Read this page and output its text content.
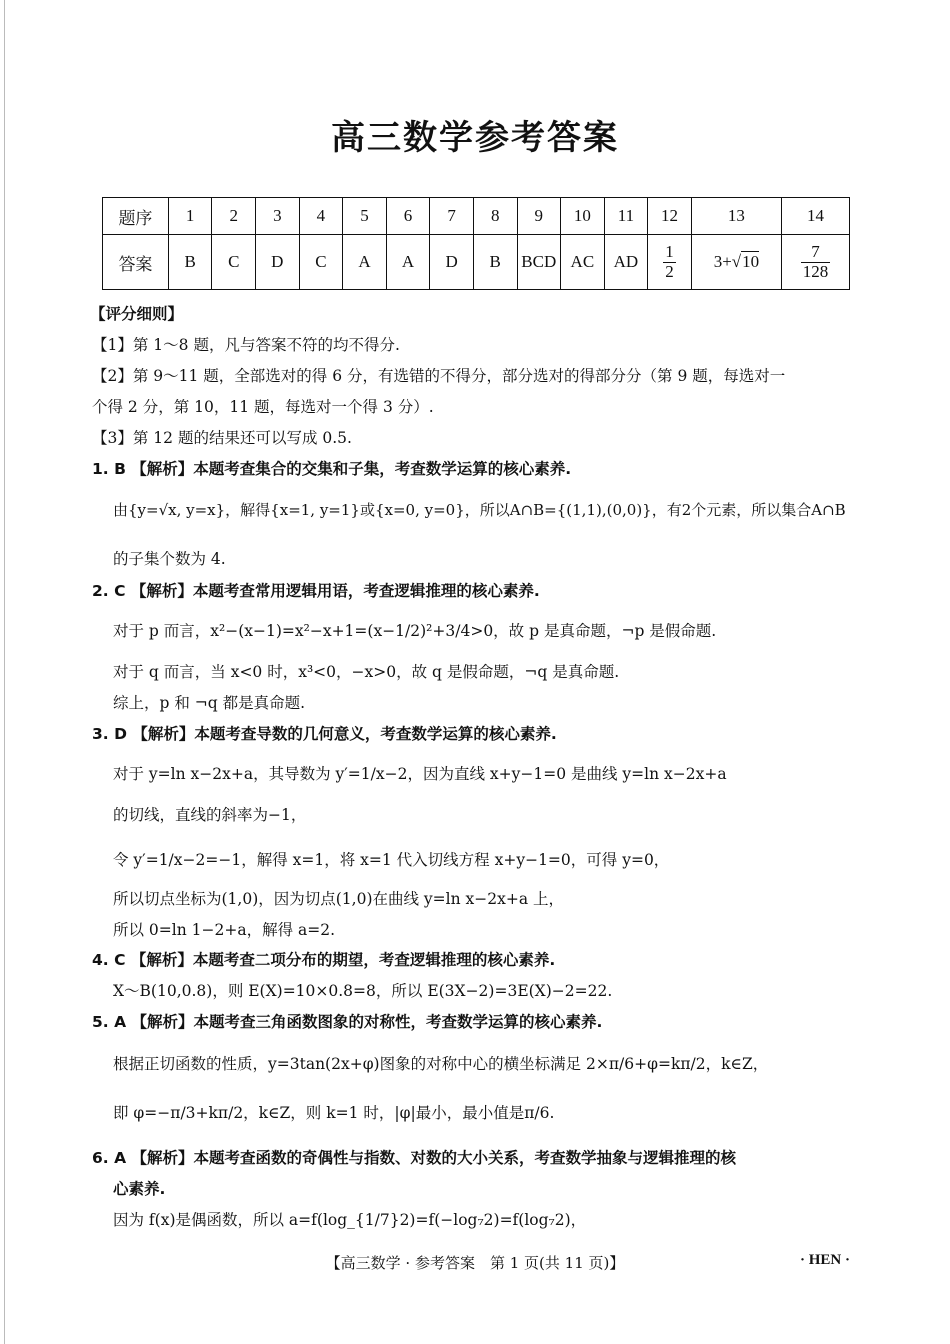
高三数学参考答案
题序	1	2	3	4	5	6	7	8	9	10	11	12	13	14
答案	B	C	D	C	A	A	D	B	BCD	AC	AD	$\frac{1}{2}$	3+√10	$\frac{7}{128}$
【评分细则】
【1】第 1～8 题，凡与答案不符的均不得分.
【2】第 9～11 题，全部选对的得 6 分，有选错的不得分，部分选对的得部分分（第 9 题，每选对一
个得 2 分，第 10，11 题，每选对一个得 3 分）.
【3】第 12 题的结果还可以写成 0.5.
1. B 【解析】本题考查集合的交集和子集，考查数学运算的核心素养.
由{y=√x, y=x}，解得{x=1, y=1}或{x=0, y=0}，所以A∩B={(1,1),(0,0)}，有2个元素，所以集合A∩B
的子集个数为 4.
2. C 【解析】本题考查常用逻辑用语，考查逻辑推理的核心素养.
对于 p 而言，x²−(x−1)=x²−x+1=(x−1/2)²+3/4>0，故 p 是真命题，¬p 是假命题.
对于 q 而言，当 x<0 时，x³<0，−x>0，故 q 是假命题，¬q 是真命题.
综上，p 和 ¬q 都是真命题.
3. D 【解析】本题考查导数的几何意义，考查数学运算的核心素养.
对于 y=ln x−2x+a，其导数为 y′=1/x−2，因为直线 x+y−1=0 是曲线 y=ln x−2x+a
的切线，直线的斜率为−1，
令 y′=1/x−2=−1，解得 x=1，将 x=1 代入切线方程 x+y−1=0，可得 y=0，
所以切点坐标为(1,0)，因为切点(1,0)在曲线 y=ln x−2x+a 上，
所以 0=ln 1−2+a，解得 a=2.
4. C 【解析】本题考查二项分布的期望，考查逻辑推理的核心素养.
X～B(10,0.8)，则 E(X)=10×0.8=8，所以 E(3X−2)=3E(X)−2=22.
5. A 【解析】本题考查三角函数图象的对称性，考查数学运算的核心素养.
根据正切函数的性质，y=3tan(2x+φ)图象的对称中心的横坐标满足 2×π/6+φ=kπ/2，k∈Z，
即 φ=−π/3+kπ/2，k∈Z，则 k=1 时，|φ|最小，最小值是π/6.
6. A 【解析】本题考查函数的奇偶性与指数、对数的大小关系，考查数学抽象与逻辑推理的核
心素养.
因为 f(x)是偶函数，所以 a=f(log_{1/7}2)=f(−log₇2)=f(log₇2)，
【高三数学 · 参考答案　第 1 页(共 11 页)】	· HEN ·
